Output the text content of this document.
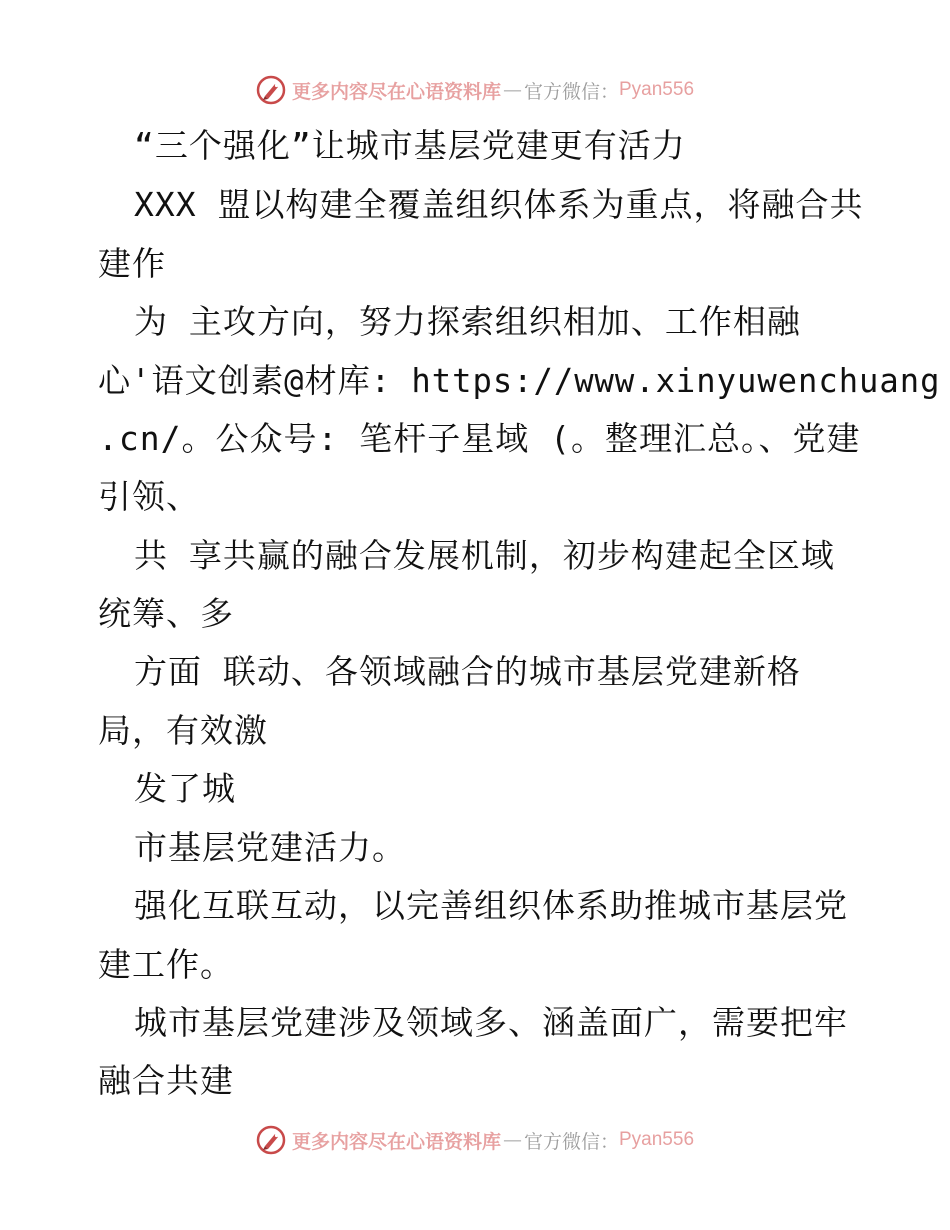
更多内容尽在心语资料库 — 官方微信： Pyan556
“三个强化”让城市基层党建更有活力
XXX 盟以构建全覆盖组织体系为重点，将融合共
建作
为 主攻方向，努力探索组织相加、工作相融
心'语文创素@材库: https://www.xinyuwenchuang
.cn/。公众号: 笔杆子星域 (。整理汇总。、党建
引领、
共 享共赢的融合发展机制，初步构建起全区域
统筹、多
方面 联动、各领域融合的城市基层党建新格
局，有效激
发了城
市基层党建活力。
强化互联互动，以完善组织体系助推城市基层党
建工作。
城市基层党建涉及领域多、涵盖面广，需要把牢
融合共建
更多内容尽在心语资料库 — 官方微信： Pyan556
